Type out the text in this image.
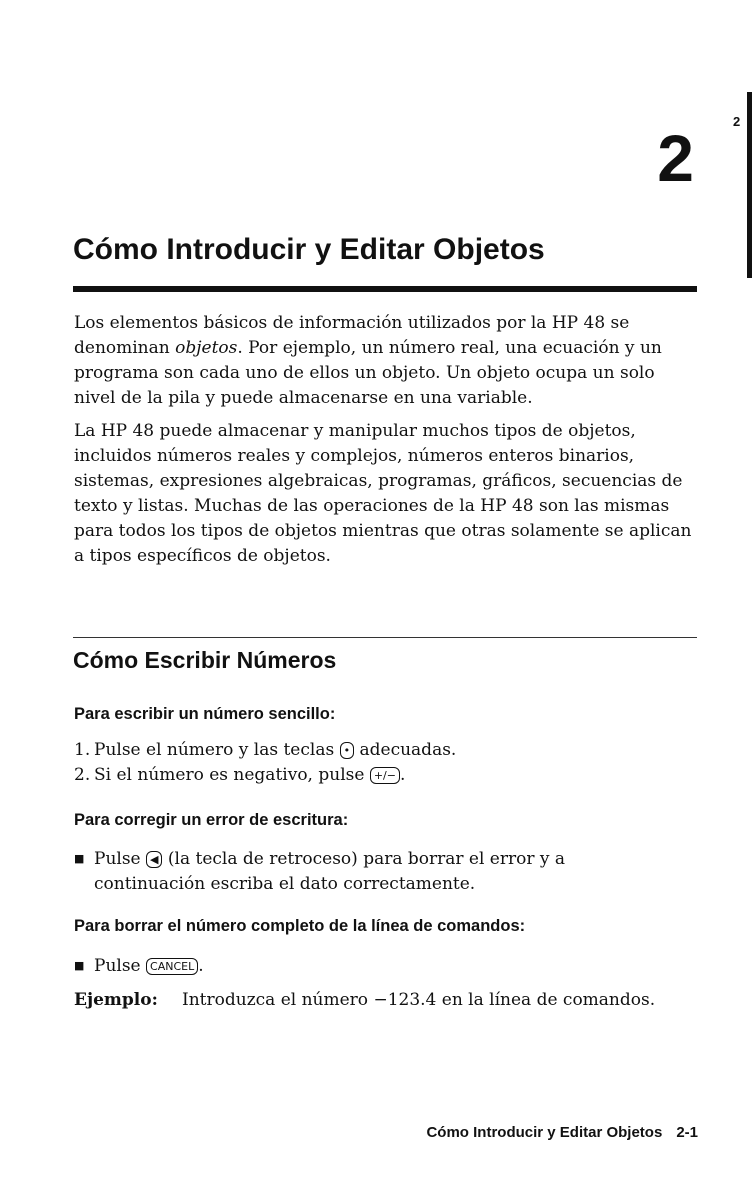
2
2
Cómo Introducir y Editar Objetos

Los elementos básicos de información utilizados por la HP 48 se denominan objetos. Por ejemplo, un número real, una ecuación y un programa son cada uno de ellos un objeto. Un objeto ocupa un solo nivel de la pila y puede almacenarse en una variable.

La HP 48 puede almacenar y manipular muchos tipos de objetos, incluidos números reales y complejos, números enteros binarios, sistemas, expresiones algebraicas, programas, gráficos, secuencias de texto y listas. Muchas de las operaciones de la HP 48 son las mismas para todos los tipos de objetos mientras que otras solamente se aplican a tipos específicos de objetos.

Cómo Escribir Números
Para escribir un número sencillo:
1. Pulse el número y las teclas • adecuadas.
2. Si el número es negativo, pulse +/− .
Para corregir un error de escritura:
■ Pulse ◀ (la tecla de retroceso) para borrar el error y a
continuación escriba el dato correctamente.
Para borrar el número completo de la línea de comandos:
■ Pulse CANCEL .

Ejemplo: Introduzca el número −123.4 en la línea de comandos.

Cómo Introducir y Editar Objetos 2-1
